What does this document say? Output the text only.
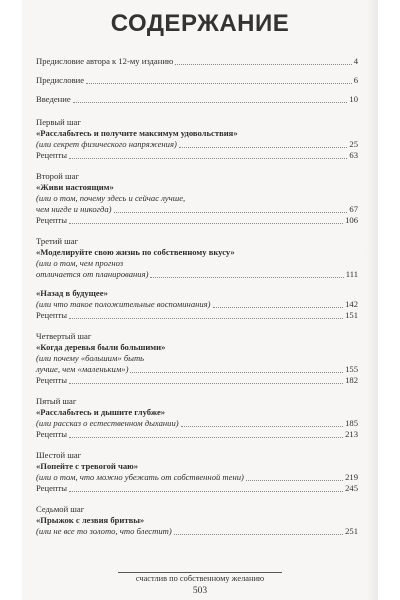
СОДЕРЖАНИЕ
Предисловие автора к 12-му изданию	4
Предисловие	6
Введение	10
Первый шаг
«Расслабьтесь и получите максимум удовольствия»
(или секрет физического напряжения)	25
Рецепты	63
Второй шаг
«Живи настоящим»
(или о том, почему здесь и сейчас лучше,
чем нигде и никогда)	67
Рецепты	106
Третий шаг
«Моделируйте свою жизнь по собственному вкусу»
(или о том, чем прогноз
отличается от планирования)	111
«Назад в будущее»
(или что такое положительные воспоминания)	142
Рецепты	151
Четвертый шаг
«Когда деревья были большими»
(или почему «большим» быть
лучше, чем «маленьким»)	155
Рецепты	182
Пятый шаг
«Расслабьтесь и дышите глубже»
(или рассказ о естественном дыхании)	185
Рецепты	213
Шестой шаг
«Попейте с тревогой чаю»
(или о том, что можно убежать от собственной тени)	219
Рецепты	245
Седьмой шаг
«Прыжок с лезвия бритвы»
(или не все то золото, что блестит)	251
счастлив по собственному желанию
503
